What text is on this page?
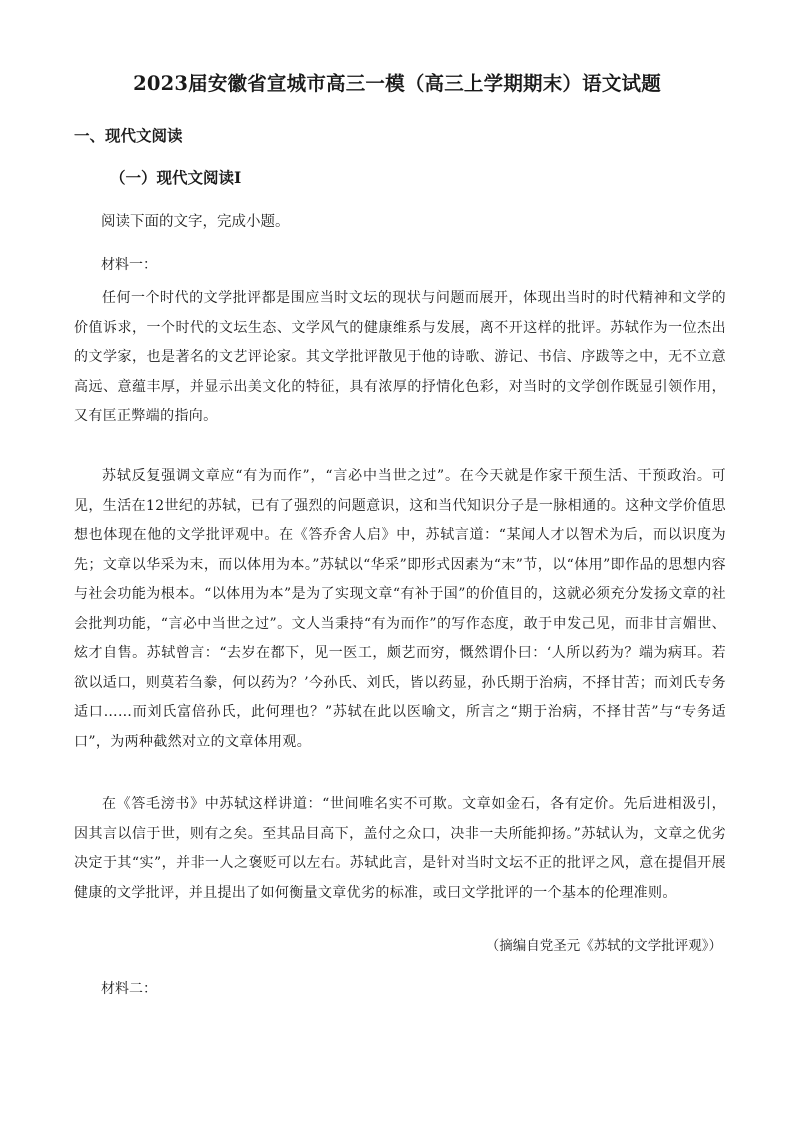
2023届安徽省宣城市高三一模（高三上学期期末）语文试题
一、现代文阅读
（一）现代文阅读Ⅰ
阅读下面的文字，完成小题。
材料一：

任何一个时代的文学批评都是围应当时文坛的现状与问题而展开，体现出当时的时代精神和文学的价值诉求，一个时代的文坛生态、文学风气的健康维系与发展，离不开这样的批评。苏轼作为一位杰出的文学家，也是著名的文艺评论家。其文学批评散见于他的诗歌、游记、书信、序跋等之中，无不立意高远、意蕴丰厚，并显示出美文化的特征，具有浓厚的抒情化色彩，对当时的文学创作既显引领作用，又有匡正弊端的指向。

苏轼反复强调文章应“有为而作”，“言必中当世之过”。在今天就是作家干预生活、干预政治。可见，生活在12世纪的苏轼，已有了强烈的问题意识，这和当代知识分子是一脉相通的。这种文学价值思想也体现在他的文学批评观中。在《答乔舍人启》中，苏轼言道：“某闻人才以智术为后，而以识度为先；文章以华采为末，而以体用为本。”苏轼以“华采”即形式因素为“末”节，以“体用”即作品的思想内容与社会功能为根本。“以体用为本”是为了实现文章“有补于国”的价值目的，这就必须充分发扬文章的社会批判功能，“言必中当世之过”。文人当秉持“有为而作”的写作态度，敢于申发己见，而非甘言媚世、炫才自售。苏轼曾言：“去岁在都下，见一医工，颇艺而穷，慨然谓仆曰：‘人所以药为？端为病耳。若欲以适口，则莫若刍豢，何以药为？’今孙氏、刘氏，皆以药显，孙氏期于治病，不择甘苦；而刘氏专务适口……而刘氏富倍孙氏，此何理也？”苏轼在此以医喻文，所言之“期于治病，不择甘苦”与“专务适口”，为两种截然对立的文章体用观。

在《答毛滂书》中苏轼这样讲道：“世间唯名实不可欺。文章如金石，各有定价。先后进相汲引，因其言以信于世，则有之矣。至其品目高下，盖付之众口，决非一夫所能抑扬。”苏轼认为，文章之优劣决定于其“实”，并非一人之褒贬可以左右。苏轼此言，是针对当时文坛不正的批评之风，意在提倡开展健康的文学批评，并且提出了如何衡量文章优劣的标准，或曰文学批评的一个基本的伦理准则。

（摘编自党圣元《苏轼的文学批评观》）
材料二：
